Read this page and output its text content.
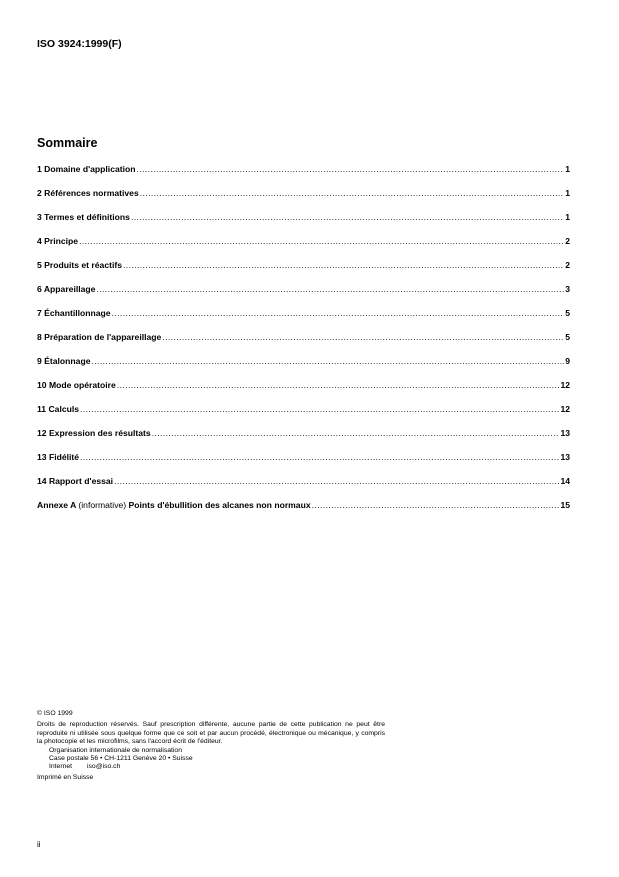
ISO 3924:1999(F)
Sommaire
1 Domaine d'application .....	1
2 Références normatives .....	1
3 Termes et définitions .....	1
4 Principe .....	2
5 Produits et réactifs .....	2
6 Appareillage .....	3
7 Échantillonnage .....	5
8 Préparation de l'appareillage .....	5
9 Étalonnage .....	9
10 Mode opératoire .....	12
11 Calculs .....	12
12 Expression des résultats .....	13
13 Fidélité .....	13
14 Rapport d'essai .....	14
Annexe A (informative) Points d'ébullition des alcanes non normaux .....	15

© ISO 1999

Droits de reproduction réservés. Sauf prescription différente, aucune partie de cette publication ne peut être reproduite ni utilisée sous quelque forme que ce soit et par aucun procédé, électronique ou mécanique, y compris la photocopie et les microfilms, sans l'accord écrit de l'éditeur.

Organisation internationale de normalisation

Case postale 56 • CH-1211 Genève 20 • Suisse

Internet	iso@iso.ch

Imprimé en Suisse

ii
